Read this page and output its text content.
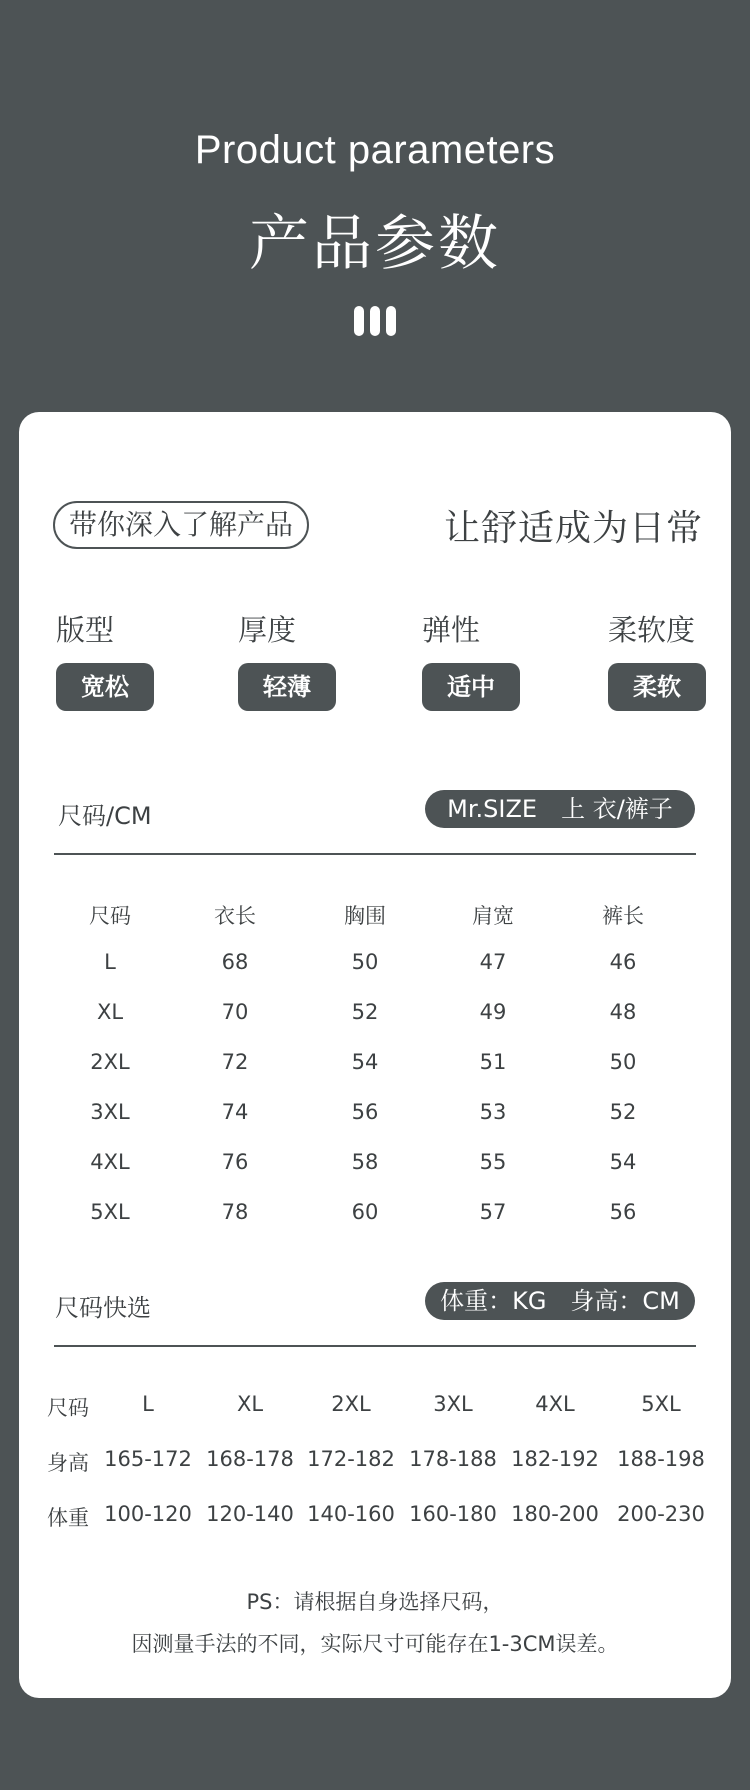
Product parameters
产品参数
带你深入了解产品	让舒适成为日常
版型
宽松
厚度
轻薄
弹性
适中
柔软度
柔软
尺码/CM	Mr.SIZE　上 衣/裤子
尺码	衣长	胸围	肩宽	裤长
L	68	50	47	46
XL	70	52	49	48
2XL	72	54	51	50
3XL	74	56	53	52
4XL	76	58	55	54
5XL	78	60	57	56
尺码快选	体重：KG　身高：CM
尺码	L	XL	2XL	3XL	4XL	5XL
身高 165-172 168-178 172-182 178-188 182-192 188-198
体重 100-120 120-140 140-160 160-180 180-200 200-230
PS：请根据自身选择尺码，
因测量手法的不同，实际尺寸可能存在1-3CM误差。
